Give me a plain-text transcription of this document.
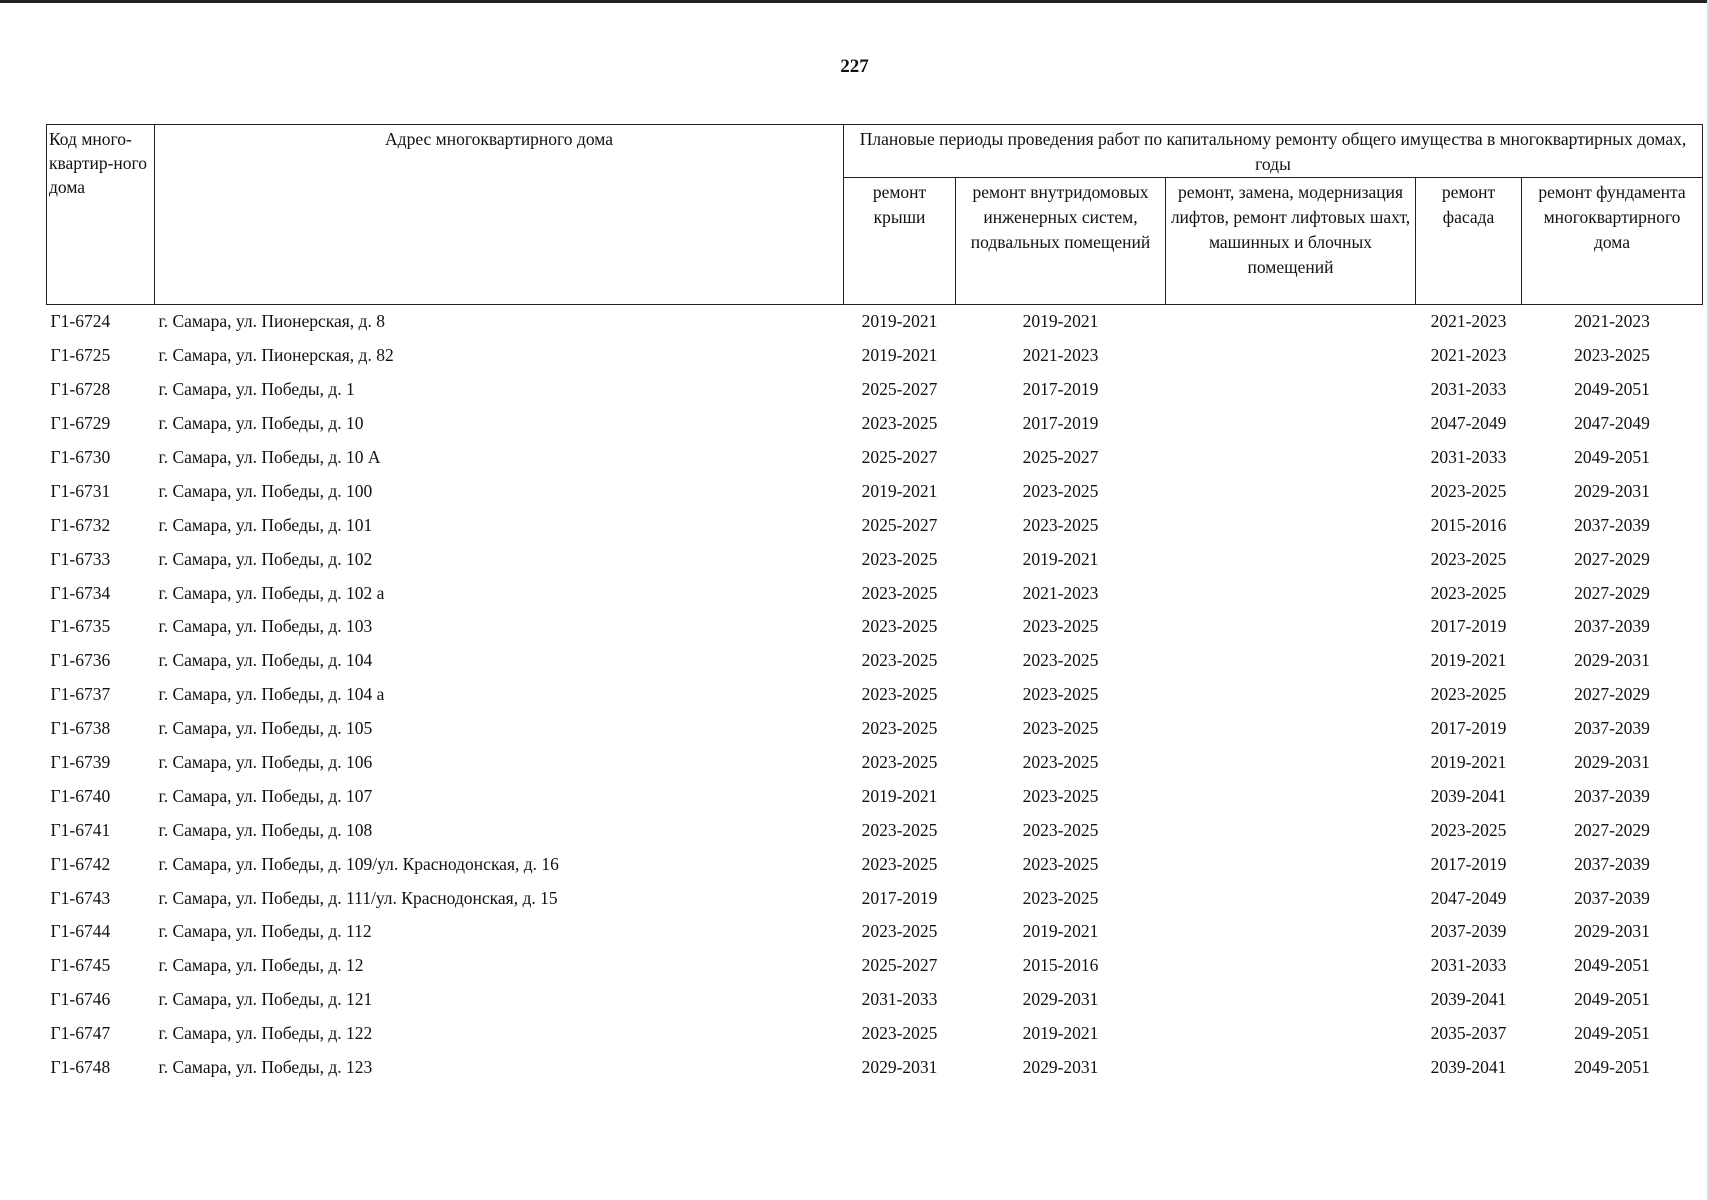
227
Код много-квартир-ного дома	Адрес многоквартирного дома	Плановые периоды проведения работ по капитальному ремонту общего имущества в многоквартирных домах, годы				
		ремонт крыши	ремонт внутридомовых инженерных систем, подвальных помещений	ремонт, замена, модернизация лифтов, ремонт лифтовых шахт, машинных и блочных помещений	ремонт фасада	ремонт фундамента многоквартирного дома
Г1-6724	г. Самара, ул. Пионерская, д. 8	2019-2021	2019-2021		2021-2023	2021-2023
Г1-6725	г. Самара, ул. Пионерская, д. 82	2019-2021	2021-2023		2021-2023	2023-2025
Г1-6728	г. Самара, ул. Победы, д. 1	2025-2027	2017-2019		2031-2033	2049-2051
Г1-6729	г. Самара, ул. Победы, д. 10	2023-2025	2017-2019		2047-2049	2047-2049
Г1-6730	г. Самара, ул. Победы, д. 10 А	2025-2027	2025-2027		2031-2033	2049-2051
Г1-6731	г. Самара, ул. Победы, д. 100	2019-2021	2023-2025		2023-2025	2029-2031
Г1-6732	г. Самара, ул. Победы, д. 101	2025-2027	2023-2025		2015-2016	2037-2039
Г1-6733	г. Самара, ул. Победы, д. 102	2023-2025	2019-2021		2023-2025	2027-2029
Г1-6734	г. Самара, ул. Победы, д. 102 а	2023-2025	2021-2023		2023-2025	2027-2029
Г1-6735	г. Самара, ул. Победы, д. 103	2023-2025	2023-2025		2017-2019	2037-2039
Г1-6736	г. Самара, ул. Победы, д. 104	2023-2025	2023-2025		2019-2021	2029-2031
Г1-6737	г. Самара, ул. Победы, д. 104 а	2023-2025	2023-2025		2023-2025	2027-2029
Г1-6738	г. Самара, ул. Победы, д. 105	2023-2025	2023-2025		2017-2019	2037-2039
Г1-6739	г. Самара, ул. Победы, д. 106	2023-2025	2023-2025		2019-2021	2029-2031
Г1-6740	г. Самара, ул. Победы, д. 107	2019-2021	2023-2025		2039-2041	2037-2039
Г1-6741	г. Самара, ул. Победы, д. 108	2023-2025	2023-2025		2023-2025	2027-2029
Г1-6742	г. Самара, ул. Победы, д. 109/ул. Краснодонская, д. 16	2023-2025	2023-2025		2017-2019	2037-2039
Г1-6743	г. Самара, ул. Победы, д. 111/ул. Краснодонская, д. 15	2017-2019	2023-2025		2047-2049	2037-2039
Г1-6744	г. Самара, ул. Победы, д. 112	2023-2025	2019-2021		2037-2039	2029-2031
Г1-6745	г. Самара, ул. Победы, д. 12	2025-2027	2015-2016		2031-2033	2049-2051
Г1-6746	г. Самара, ул. Победы, д. 121	2031-2033	2029-2031		2039-2041	2049-2051
Г1-6747	г. Самара, ул. Победы, д. 122	2023-2025	2019-2021		2035-2037	2049-2051
Г1-6748	г. Самара, ул. Победы, д. 123	2029-2031	2029-2031		2039-2041	2049-2051
